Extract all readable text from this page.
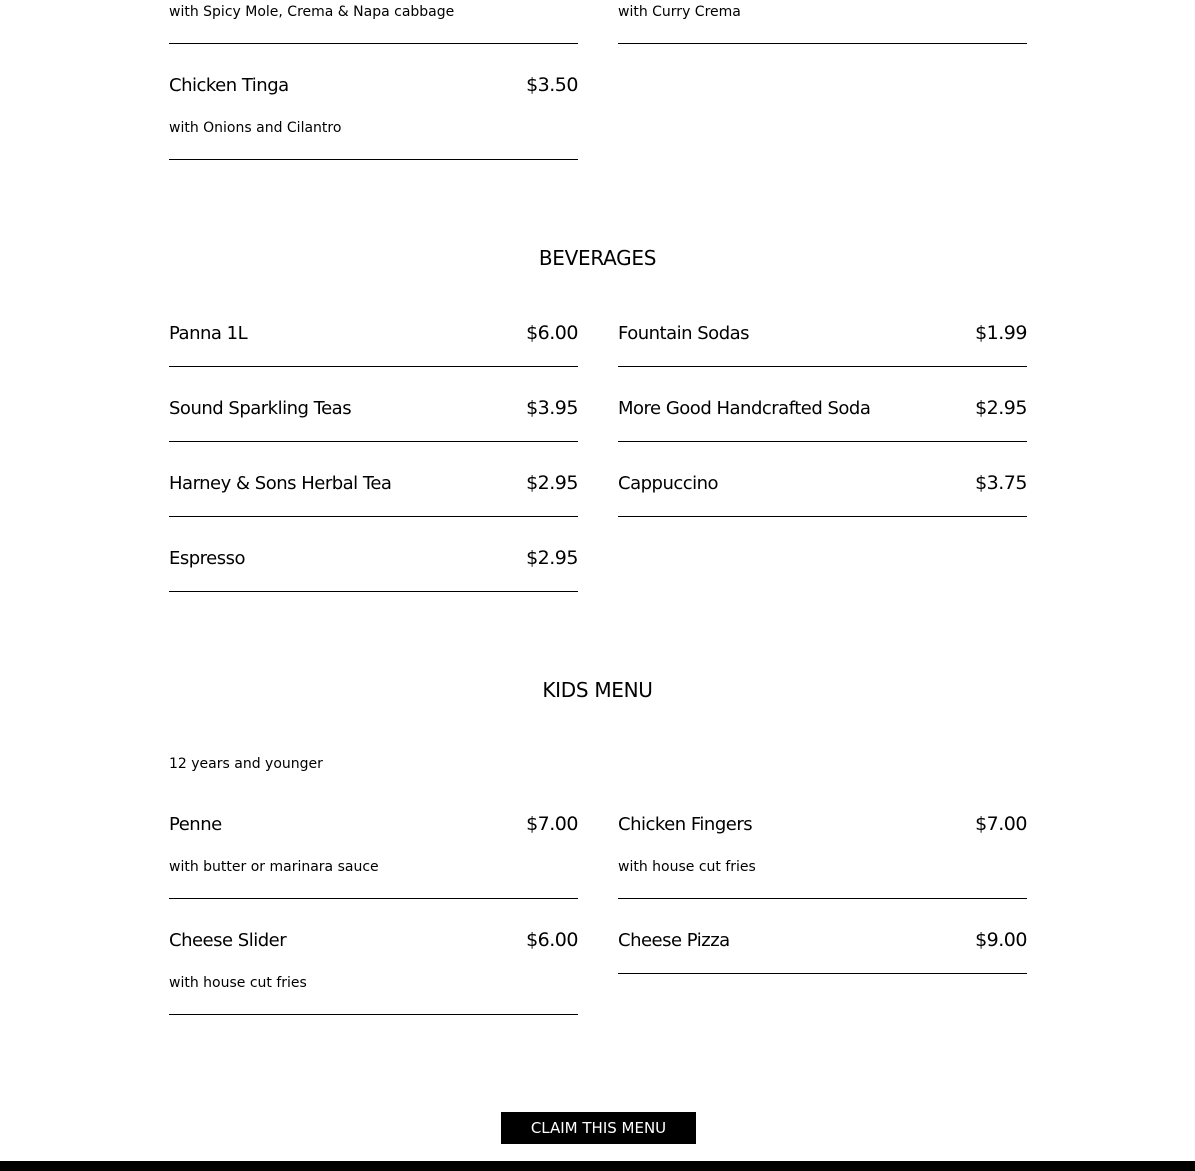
with Spicy Mole, Crema & Napa cabbage
Chicken Tinga	$3.50
with Onions and Cilantro
with Curry Crema
BEVERAGES
Panna 1L	$6.00
Sound Sparkling Teas	$3.95
Harney & Sons Herbal Tea	$2.95
Espresso	$2.95
Fountain Sodas	$1.99
More Good Handcrafted Soda	$2.95
Cappuccino	$3.75
KIDS MENU
12 years and younger
Penne	$7.00
with butter or marinara sauce
Cheese Slider	$6.00
with house cut fries
Chicken Fingers	$7.00
with house cut fries
Cheese Pizza	$9.00
CLAIM THIS MENU
